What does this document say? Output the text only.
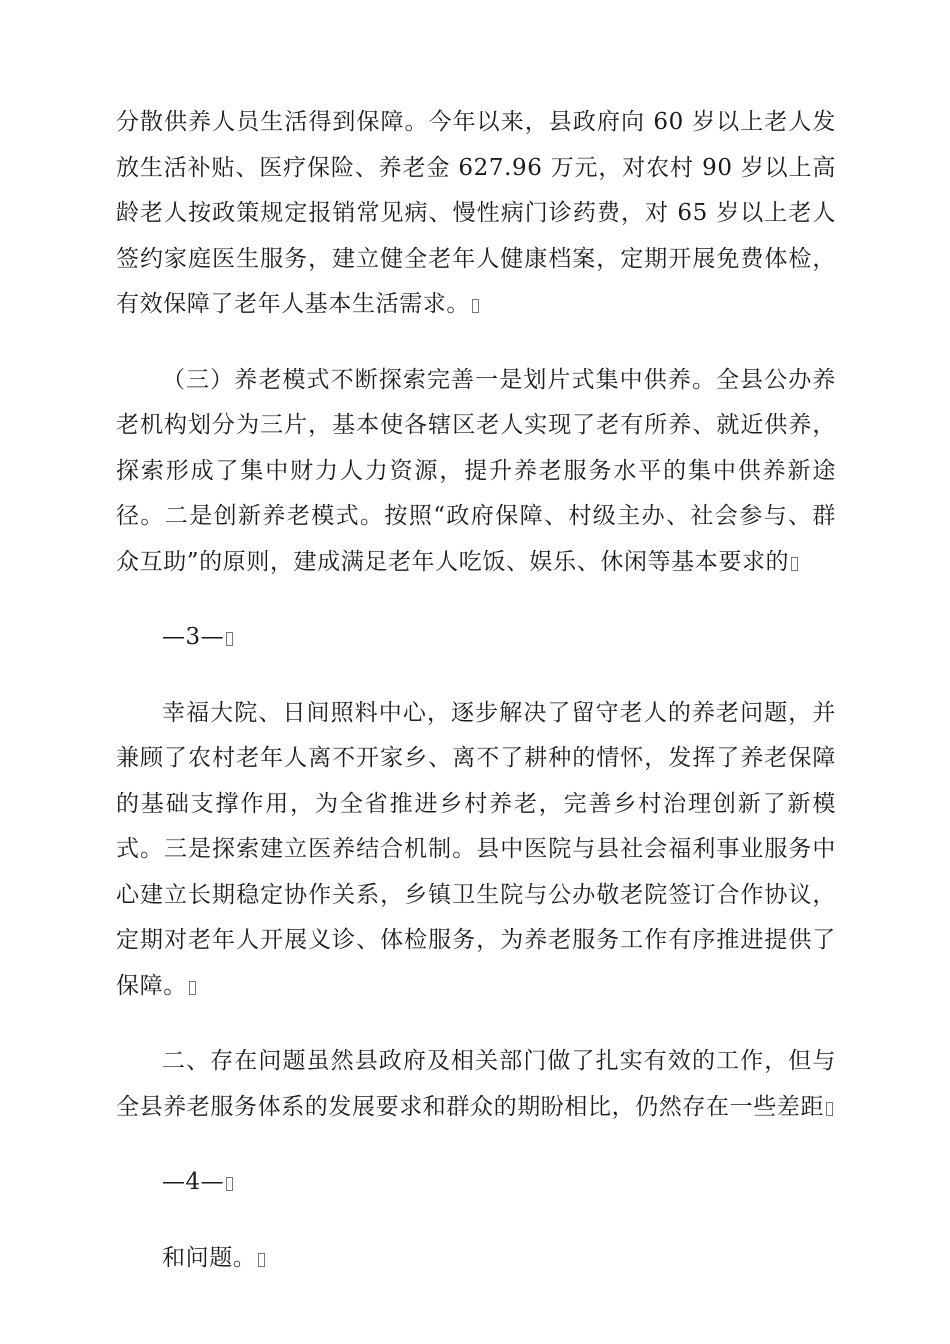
分散供养人员生活得到保障。今年以来，县政府向 60 岁以上老人发放生活补贴、医疗保险、养老金 627.96 万元，对农村 90 岁以上高龄老人按政策规定报销常见病、慢性病门诊药费，对 65 岁以上老人签约家庭医生服务，建立健全老年人健康档案，定期开展免费体检，有效保障了老年人基本生活需求。

（三）养老模式不断探索完善一是划片式集中供养。全县公办养老机构划分为三片，基本使各辖区老人实现了老有所养、就近供养，探索形成了集中财力人力资源，提升养老服务水平的集中供养新途径。二是创新养老模式。按照“政府保障、村级主办、社会参与、群众互助”的原则，建成满足老年人吃饭、娱乐、休闲等基本要求的

—3—

幸福大院、日间照料中心，逐步解决了留守老人的养老问题，并兼顾了农村老年人离不开家乡、离不了耕种的情怀，发挥了养老保障的基础支撑作用，为全省推进乡村养老，完善乡村治理创新了新模式。三是探索建立医养结合机制。县中医院与县社会福利事业服务中心建立长期稳定协作关系，乡镇卫生院与公办敬老院签订合作协议，定期对老年人开展义诊、体检服务，为养老服务工作有序推进提供了保障。

二、存在问题虽然县政府及相关部门做了扎实有效的工作，但与全县养老服务体系的发展要求和群众的期盼相比，仍然存在一些差距

—4—

和问题。
